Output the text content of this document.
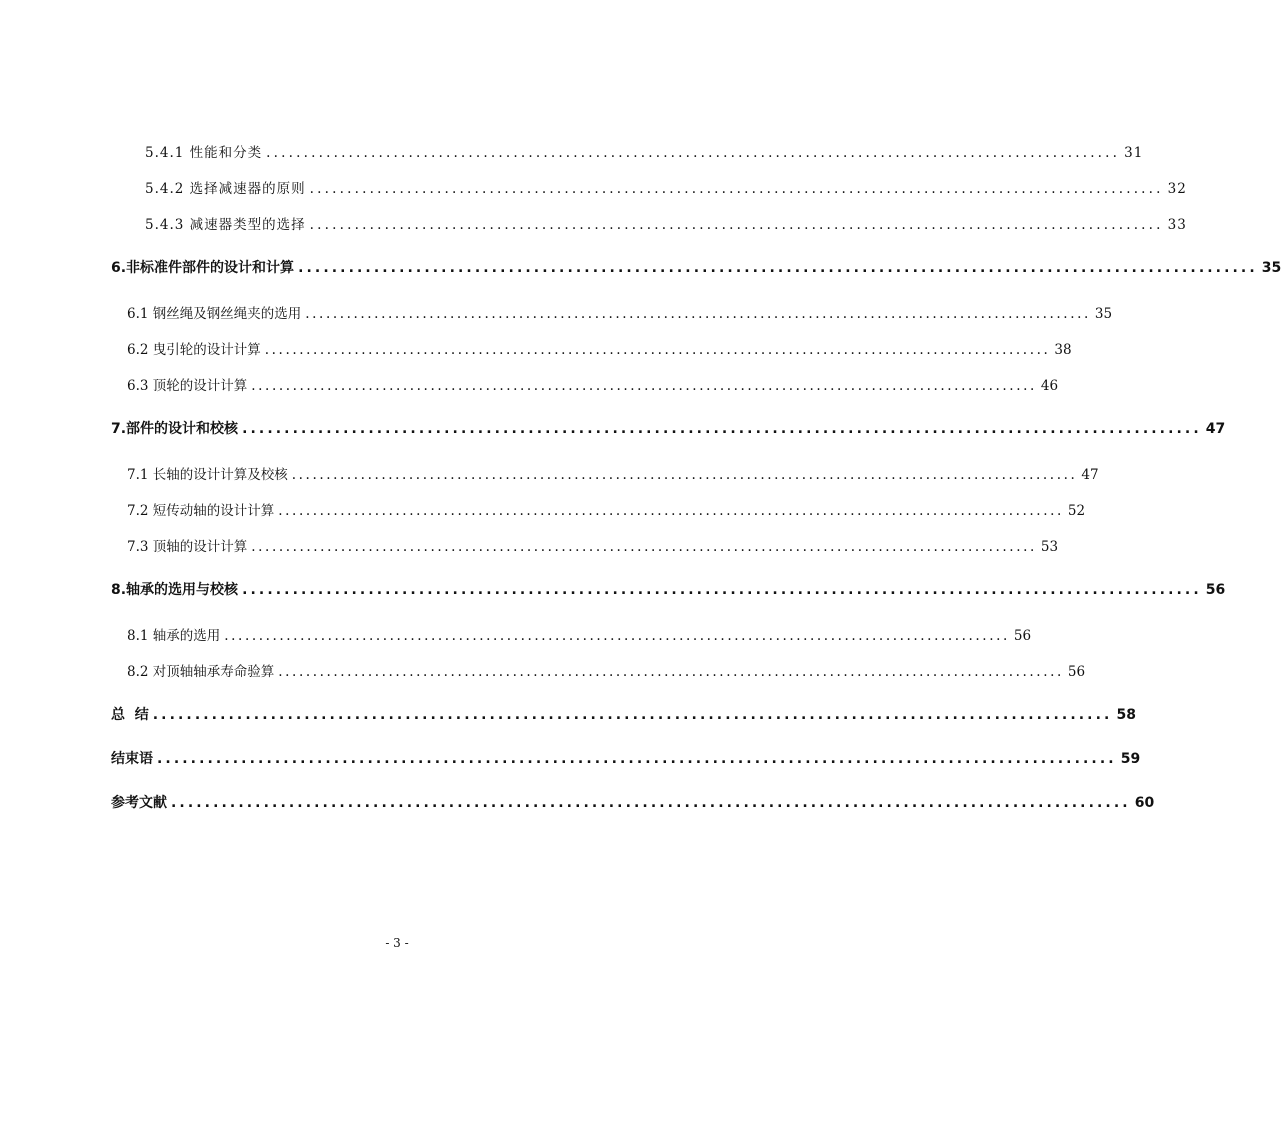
5.4.1 性能和分类 .................................................................................................................. 31
5.4.2 选择减速器的原则 .................................................................................................................. 32
5.4.3 减速器类型的选择 .................................................................................................................. 33
6.非标准件部件的设计和计算 .................................................................................................................. 35
6.1 钢丝绳及钢丝绳夹的选用 .................................................................................................................. 35
6.2 曳引轮的设计计算 .................................................................................................................. 38
6.3 顶轮的设计计算 .................................................................................................................. 46
7.部件的设计和校核 .................................................................................................................. 47
7.1 长轴的设计计算及校核 .................................................................................................................. 47
7.2 短传动轴的设计计算 .................................................................................................................. 52
7.3 顶轴的设计计算 .................................................................................................................. 53
8.轴承的选用与校核 .................................................................................................................. 56
8.1 轴承的选用 .................................................................................................................. 56
8.2 对顶轴轴承寿命验算 .................................................................................................................. 56
总  结 .................................................................................................................. 58
结束语 .................................................................................................................. 59
参考文献 .................................................................................................................. 60
- 3 -
